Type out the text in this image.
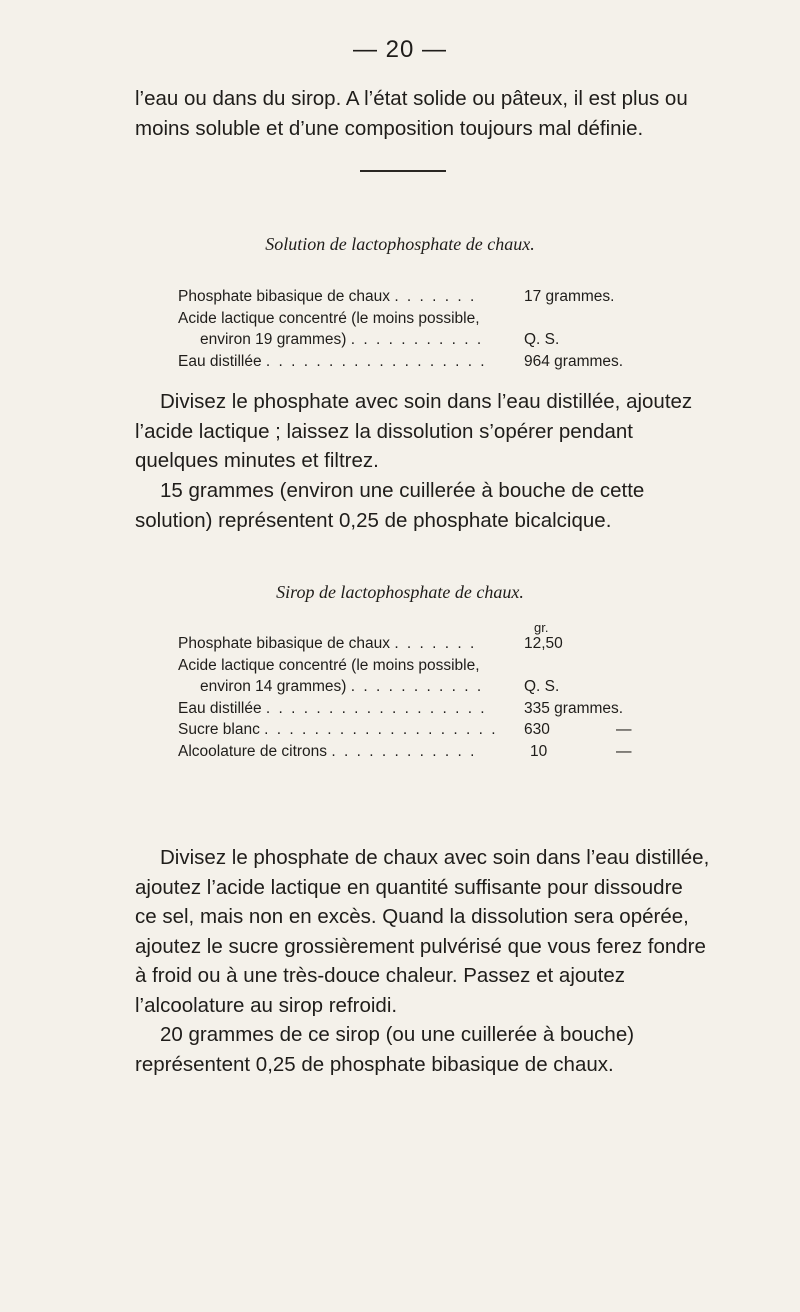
— 20 —

l’eau ou dans du sirop. A l’état solide ou pâteux, il est plus ou moins soluble et d’une composition toujours mal définie.

Solution de lactophosphate de chaux.
Phosphate bibasique de chaux . . . . . . .	17 grammes.
Acide lactique concentré (le moins possible,
environ 19 grammes) . . . . . . . . . . .	Q. S.
Eau distillée . . . . . . . . . . . . . . . . . . 964 grammes.

Divisez le phosphate avec soin dans l’eau distillée, ajoutez l’acide lactique ; laissez la dissolution s’opérer pendant quelques minutes et filtrez.

15 grammes (environ une cuillerée à bouche de cette solution) représentent 0,25 de phosphate bicalcique.

Sirop de lactophosphate de chaux.
gr.
Phosphate bibasique de chaux . . . . . . .	12,50
Acide lactique concentré (le moins possible,
environ 14 grammes) . . . . . . . . . . .	Q. S.
Eau distillée . . . . . . . . . . . . . . . . . . 335 grammes.
Sucre blanc . . . . . . . . . . . . . . . . . . . 630	—
Alcoolature de citrons . . . . . . . . . . . .	10	—

Divisez le phosphate de chaux avec soin dans l’eau distillée, ajoutez l’acide lactique en quantité suffisante pour dissoudre ce sel, mais non en excès. Quand la dissolution sera opérée, ajoutez le sucre grossièrement pulvérisé que vous ferez fondre à froid ou à une très-douce chaleur. Passez et ajoutez l’alcoolature au sirop refroidi.

20 grammes de ce sirop (ou une cuillerée à bouche) représentent 0,25 de phosphate bibasique de chaux.
